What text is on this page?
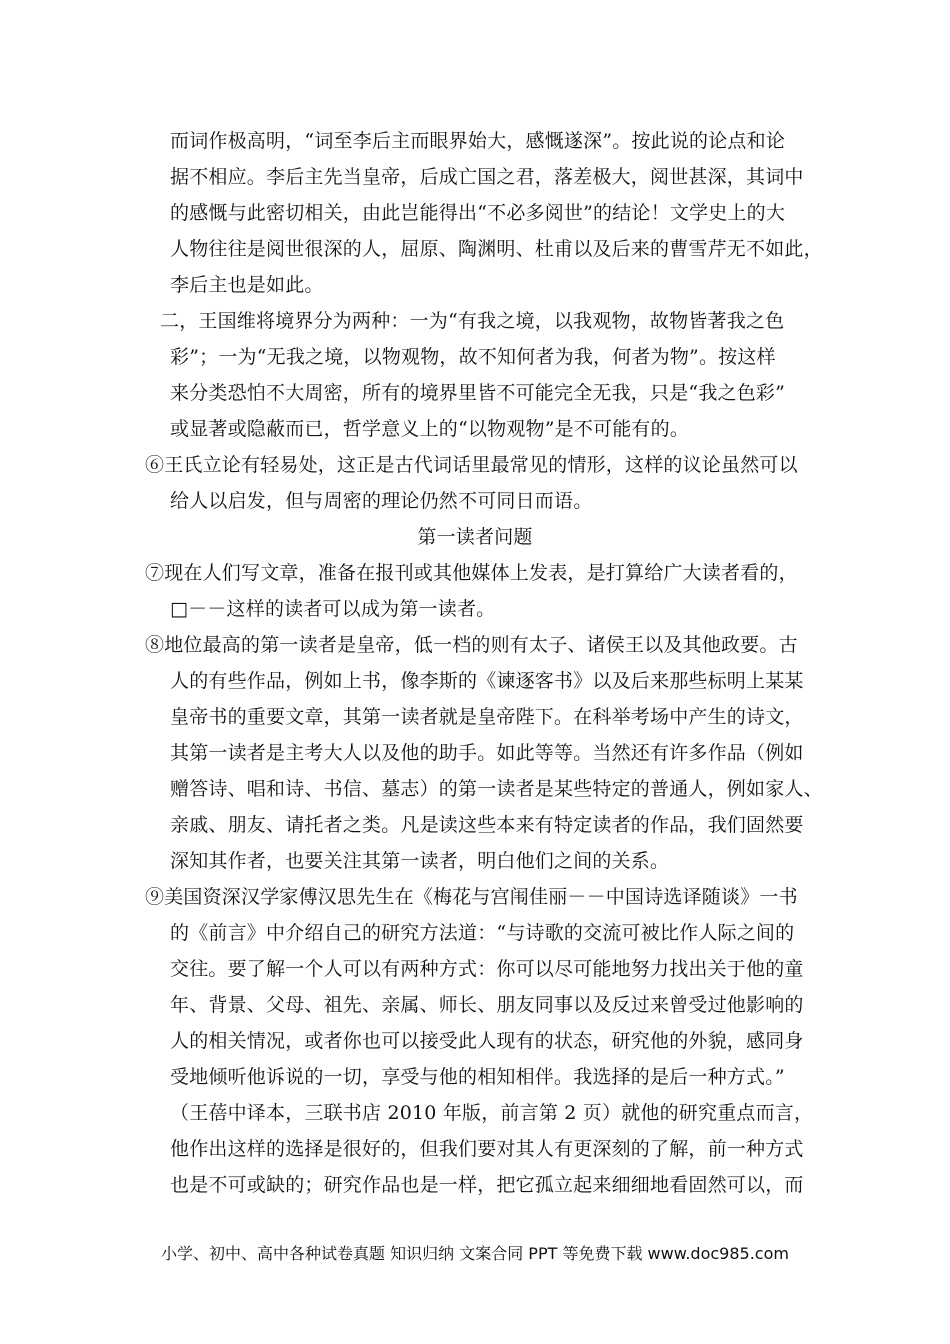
而词作极高明，“词至李后主而眼界始大，感慨遂深”。按此说的论点和论
据不相应。李后主先当皇帝，后成亡国之君，落差极大，阅世甚深，其词中
的感慨与此密切相关，由此岂能得出“不必多阅世”的结论！文学史上的大
人物往往是阅世很深的人，屈原、陶渊明、杜甫以及后来的曹雪芹无不如此，
李后主也是如此。
二，王国维将境界分为两种：一为“有我之境，以我观物，故物皆著我之色
彩”；一为“无我之境，以物观物，故不知何者为我，何者为物”。按这样
来分类恐怕不大周密，所有的境界里皆不可能完全无我，只是“我之色彩”
或显著或隐蔽而已，哲学意义上的“以物观物”是不可能有的。
⑥王氏立论有轻易处，这正是古代词话里最常见的情形，这样的议论虽然可以
给人以启发，但与周密的理论仍然不可同日而语。
第一读者问题
⑦现在人们写文章，准备在报刊或其他媒体上发表，是打算给广大读者看的，
□－－这样的读者可以成为第一读者。
⑧地位最高的第一读者是皇帝，低一档的则有太子、诸侯王以及其他政要。古
人的有些作品，例如上书，像李斯的《谏逐客书》以及后来那些标明上某某
皇帝书的重要文章，其第一读者就是皇帝陛下。在科举考场中产生的诗文，
其第一读者是主考大人以及他的助手。如此等等。当然还有许多作品（例如
赠答诗、唱和诗、书信、墓志）的第一读者是某些特定的普通人，例如家人、
亲戚、朋友、请托者之类。凡是读这些本来有特定读者的作品，我们固然要
深知其作者，也要关注其第一读者，明白他们之间的关系。
⑨美国资深汉学家傅汉思先生在《梅花与宫闱佳丽－－中国诗选译随谈》一书
的《前言》中介绍自己的研究方法道：“与诗歌的交流可被比作人际之间的
交往。要了解一个人可以有两种方式：你可以尽可能地努力找出关于他的童
年、背景、父母、祖先、亲属、师长、朋友同事以及反过来曾受过他影响的
人的相关情况，或者你也可以接受此人现有的状态，研究他的外貌，感同身
受地倾听他诉说的一切，享受与他的相知相伴。我选择的是后一种方式。”
（王蓓中译本，三联书店 2010 年版，前言第 2 页）就他的研究重点而言，
他作出这样的选择是很好的，但我们要对其人有更深刻的了解，前一种方式
也是不可或缺的；研究作品也是一样，把它孤立起来细细地看固然可以，而
小学、初中、高中各种试卷真题 知识归纳 文案合同 PPT 等免费下载 www.doc985.com
